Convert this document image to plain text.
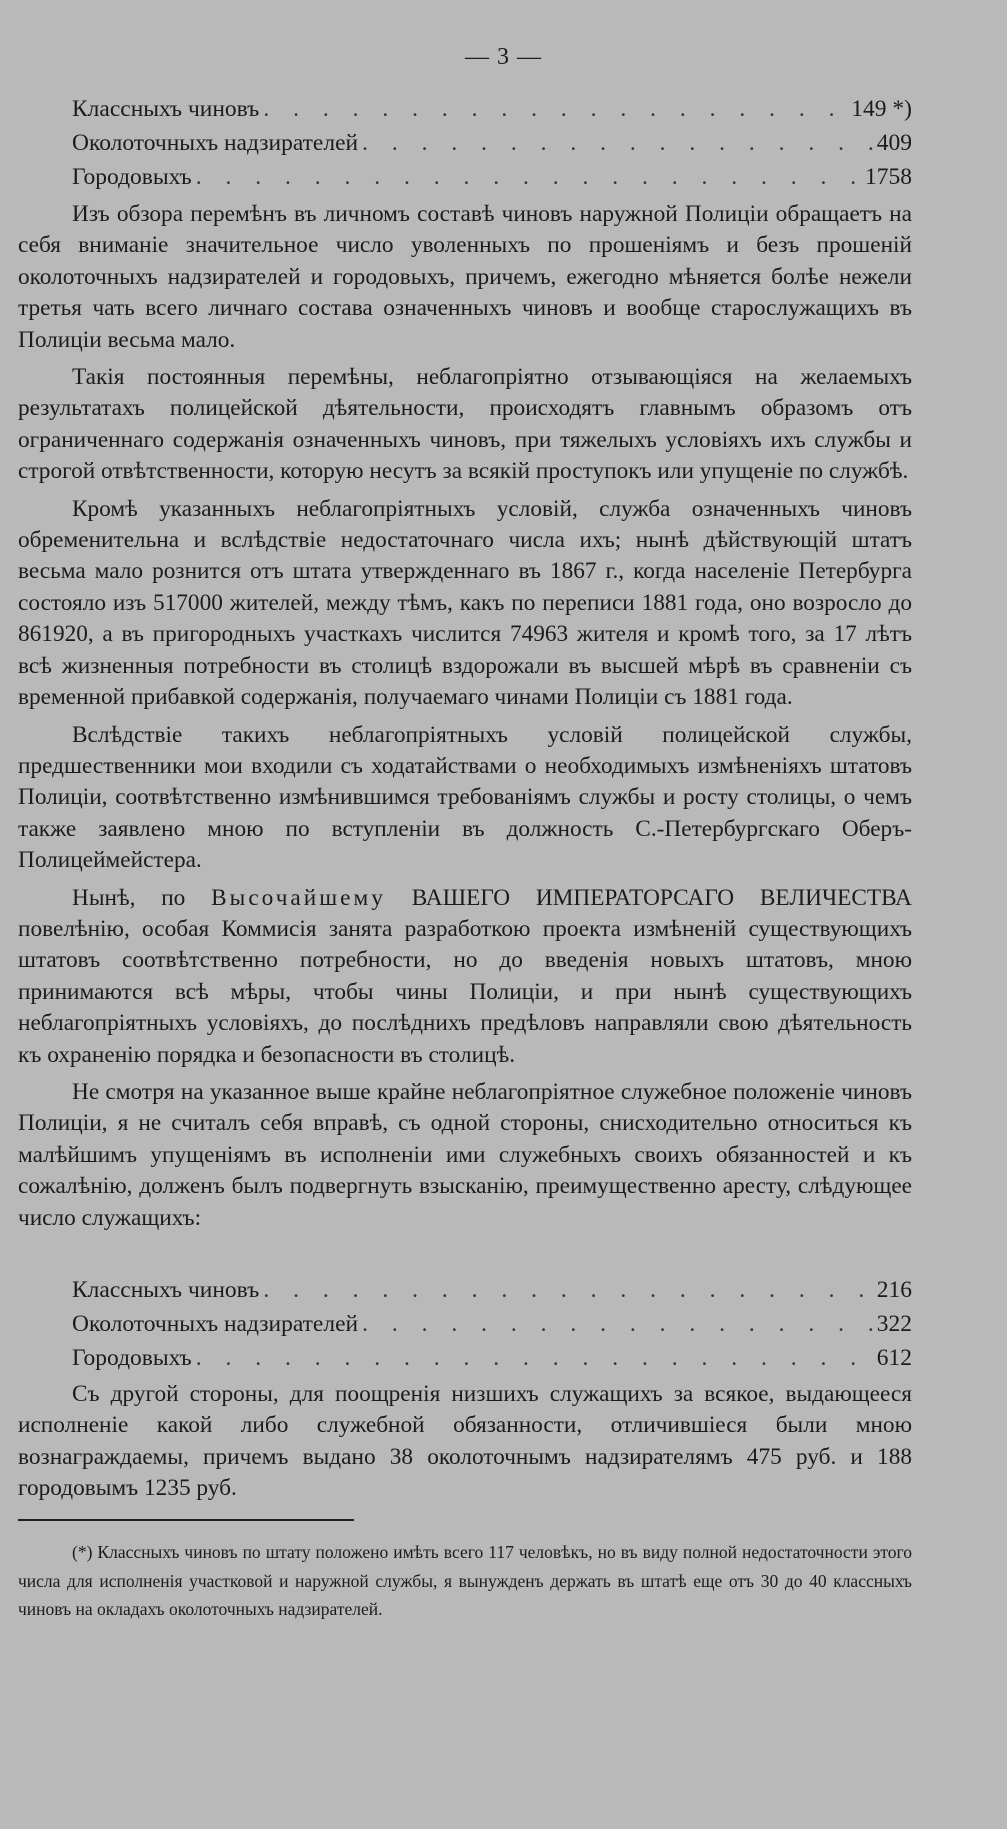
— 3 —
Классныхъ чиновъ . . .	149 *)
Околоточныхъ надзирателей . . .	409
Городовыхъ . . .	1758

Изъ обзора перемѣнъ въ личномъ составѣ чиновъ наружной Полиціи обращаетъ на себя вниманіе значительное число уволенныхъ по прошеніямъ и безъ прошеній околоточныхъ надзирателей и городовыхъ, причемъ, ежегодно мѣняется болѣе нежели третья чать всего личнаго состава означенныхъ чиновъ и вообще старослужащихъ въ Полиціи весьма мало.

Такія постоянныя перемѣны, неблагопріятно отзывающіяся на желаемыхъ результатахъ полицейской дѣятельности, происходятъ главнымъ образомъ отъ ограниченнаго содержанія означенныхъ чиновъ, при тяжелыхъ условіяхъ ихъ службы и строгой отвѣтственности, которую несутъ за всякій проступокъ или упущеніе по службѣ.

Кромѣ указанныхъ неблагопріятныхъ условій, служба означенныхъ чиновъ обременительна и вслѣдствіе недостаточнаго числа ихъ; нынѣ дѣйствующій штатъ весьма мало рознится отъ штата утвержденнаго въ 1867 г., когда населеніе Петербурга состояло изъ 517000 жителей, между тѣмъ, какъ по переписи 1881 года, оно возросло до 861920, а въ пригородныхъ участкахъ числится 74963 жителя и кромѣ того, за 17 лѣтъ всѣ жизненныя потребности въ столицѣ вздорожали въ высшей мѣрѣ въ сравненіи съ временной прибавкой содержанія, получаемаго чинами Полиціи съ 1881 года.

Вслѣдствіе такихъ неблагопріятныхъ условій полицейской службы, предшественники мои входили съ ходатайствами о необходимыхъ измѣненіяхъ штатовъ Полиціи, соотвѣтственно измѣнившимся требованіямъ службы и росту столицы, о чемъ также заявлено мною по вступленіи въ должность С.-Петербургскаго Оберъ-Полицеймейстера.

Нынѣ, по Высочайшему ВАШЕГО ИМПЕРАТОРСАГО ВЕЛИЧЕСТВА повелѣнію, особая Коммисія занята разработкою проекта измѣненій существующихъ штатовъ соотвѣтственно потребности, но до введенія новыхъ штатовъ, мною принимаются всѣ мѣры, чтобы чины Полиціи, и при нынѣ существующихъ неблагопріятныхъ условіяхъ, до послѣднихъ предѣловъ направляли свою дѣятельность къ охраненію порядка и безопасности въ столицѣ.

Не смотря на указанное выше крайне неблагопріятное служебное положеніе чиновъ Полиціи, я не считалъ себя вправѣ, съ одной стороны, снисходительно относиться къ малѣйшимъ упущеніямъ въ исполненіи ими служебныхъ своихъ обязанностей и къ сожалѣнію, долженъ былъ подвергнуть взысканію, преимущественно аресту, слѣдующее число служащихъ:

Классныхъ чиновъ . . .	216
Околоточныхъ надзирателей . . .	322
Городовыхъ . . .	612

Съ другой стороны, для поощренія низшихъ служащихъ за всякое, выдающееся исполненіе какой либо служебной обязанности, отличившіеся были мною вознаграждаемы, причемъ выдано 38 околоточнымъ надзирателямъ 475 руб. и 188 городовымъ 1235 руб.

(*) Классныхъ чиновъ по штату положено имѣть всего 117 человѣкъ, но въ виду полной недостаточности этого числа для исполненія участковой и наружной службы, я вынужденъ держать въ штатѣ еще отъ 30 до 40 классныхъ чиновъ на окладахъ околоточныхъ надзирателей.
